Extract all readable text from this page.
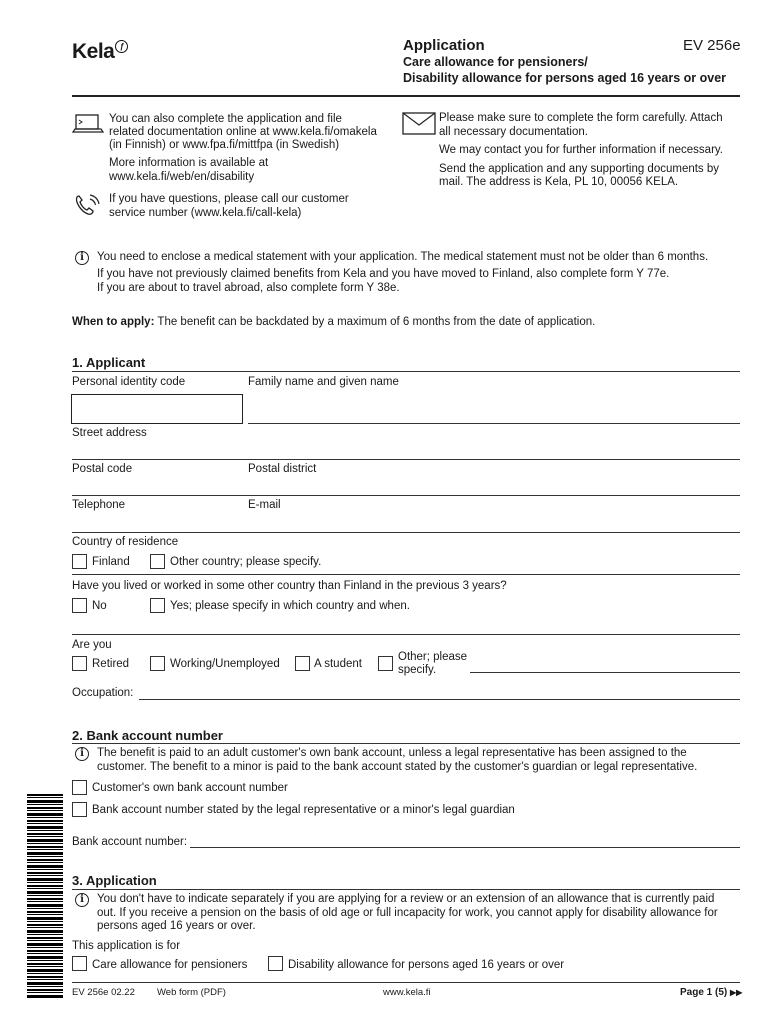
Kela ƒ	Application	EV 256e
Care allowance for pensioners/
Disability allowance for persons aged 16 years or over
You can also complete the application and file
related documentation online at www.kela.fi/omakela
(in Finnish) or www.fpa.fi/mittfpa (in Swedish)
More information is available at
www.kela.fi/web/en/disability
If you have questions, please call our customer
service number (www.kela.fi/call-kela)
Please make sure to complete the form carefully. Attach
all necessary documentation.
We may contact you for further information if necessary.
Send the application and any supporting documents by
mail. The address is Kela, PL 10, 00056 KELA.
i	You need to enclose a medical statement with your application. The medical statement must not be older than 6 months.
If you have not previously claimed benefits from Kela and you have moved to Finland, also complete form Y 77e.
If you are about to travel abroad, also complete form Y 38e.
When to apply: The benefit can be backdated by a maximum of 6 months from the date of application.
1. Applicant
Personal identity code	Family name and given name
Street address
Postal code	Postal district
Telephone	E-mail
Country of residence
Finland	Other country; please specify.
Have you lived or worked in some other country than Finland in the previous 3 years?
No	Yes; please specify in which country and when.
Are you
Retired	Working/Unemployed	A student
Other; please
specify.
Occupation:
2. Bank account number
i	The benefit is paid to an adult customer's own bank account, unless a legal representative has been assigned to the
customer. The benefit to a minor is paid to the bank account stated by the customer's guardian or legal representative.
Customer's own bank account number
Bank account number stated by the legal representative or a minor's legal guardian
Bank account number:
3. Application
i	You don't have to indicate separately if you are applying for a review or an extension of an allowance that is currently paid
out. If you receive a pension on the basis of old age or full incapacity for work, you cannot apply for disability allowance for
persons aged 16 years or over.
This application is for
Care allowance for pensioners	Disability allowance for persons aged 16 years or over
EV 256e 02.22 Web form (PDF)	www.kela.fi	Page 1 (5) ▶▶
